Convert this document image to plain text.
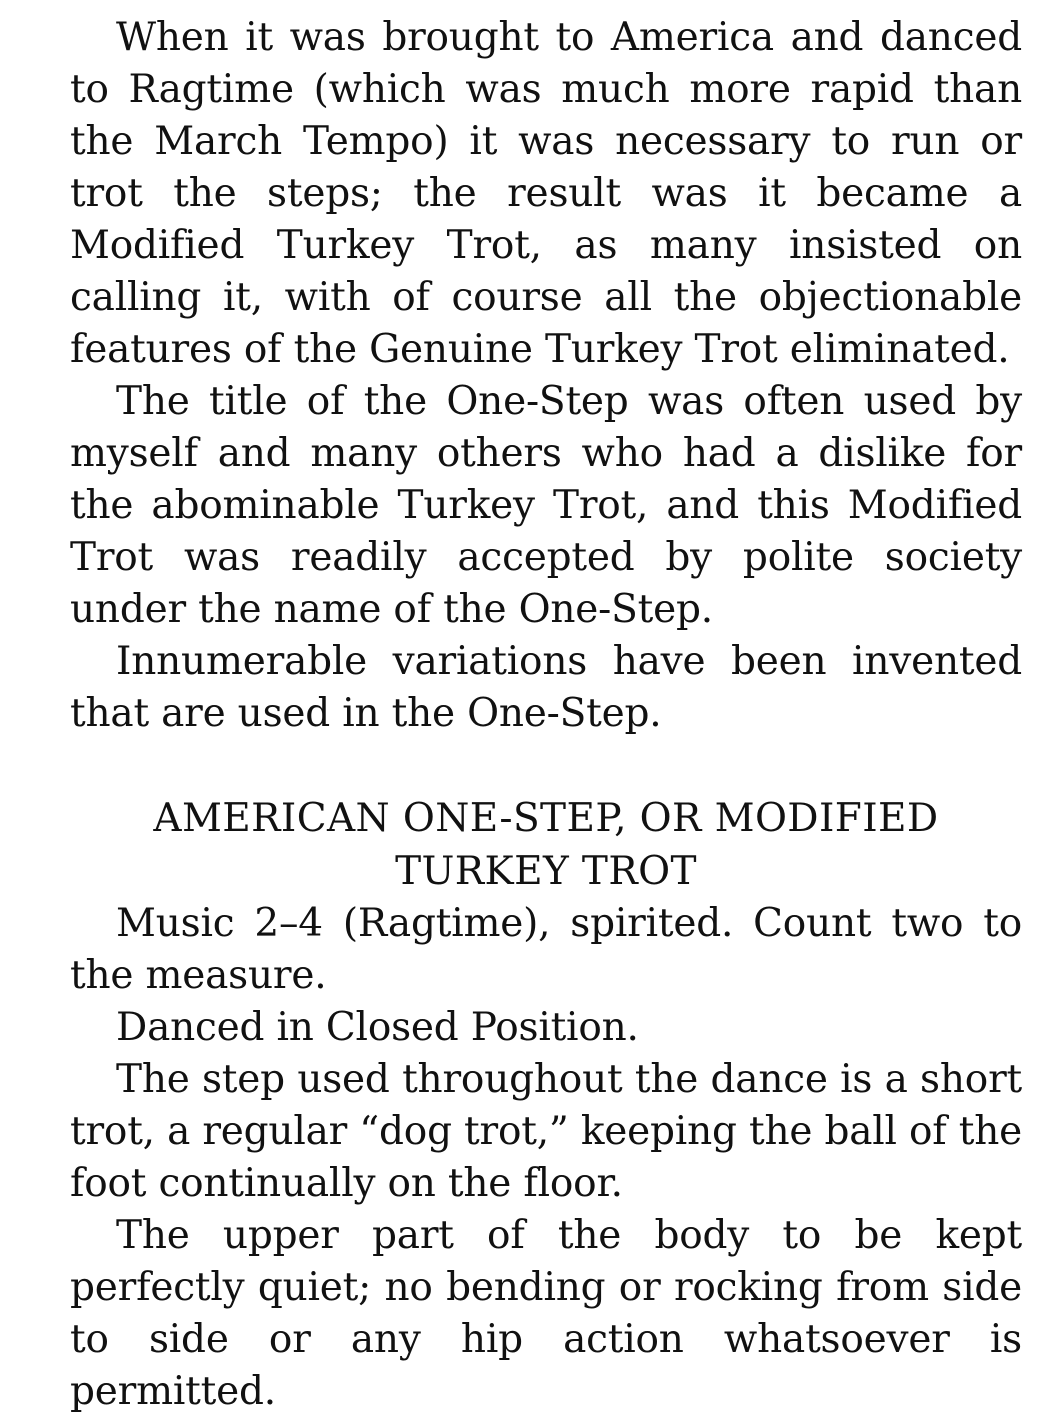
When it was brought to America and danced to Ragtime (which was much more rapid than the March Tempo) it was necessary to run or trot the steps; the result was it became a Modified Turkey Trot, as many insisted on calling it, with of course all the objectionable features of the Genuine Turkey Trot eliminated.

The title of the One-Step was often used by myself and many others who had a dislike for the abominable Turkey Trot, and this Modified Trot was readily accepted by polite society under the name of the One-Step.

Innumerable variations have been invented that are used in the One-Step.

AMERICAN ONE-STEP, OR MODIFIED
TURKEY TROT

Music 2–4 (Ragtime), spirited. Count two to the measure.

Danced in Closed Position.

The step used throughout the dance is a short trot, a regular “dog trot,” keeping the ball of the foot continually on the floor.

The upper part of the body to be kept perfectly quiet; no bending or rocking from side to side or any hip action whatsoever is permitted.
